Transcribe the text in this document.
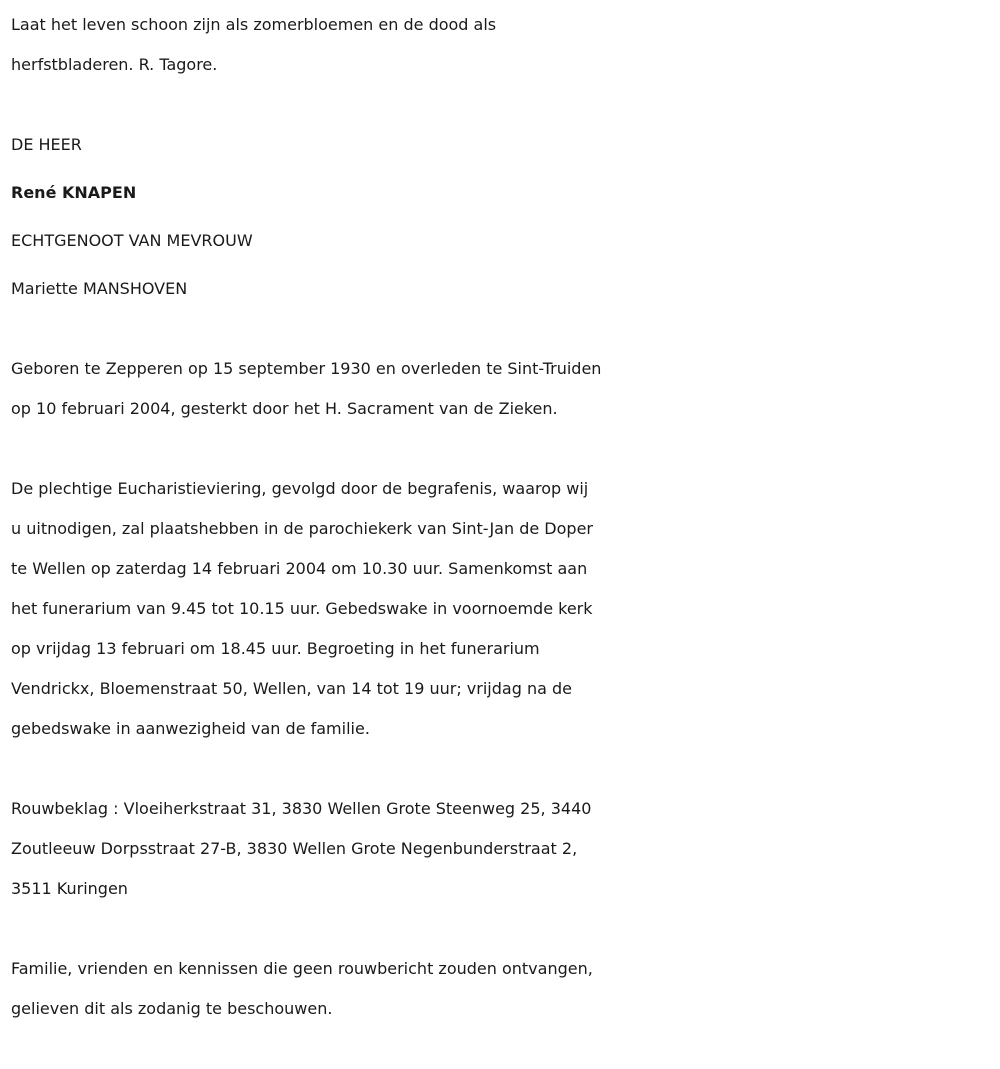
Laat het leven schoon zijn als zomerbloemen en de dood als
herfstbladeren. R. Tagore.
DE HEER
René KNAPEN
ECHTGENOOT VAN MEVROUW
Mariette MANSHOVEN
Geboren te Zepperen op 15 september 1930 en overleden te Sint-Truiden
op 10 februari 2004, gesterkt door het H. Sacrament van de Zieken.
De plechtige Eucharistieviering, gevolgd door de begrafenis, waarop wij
u uitnodigen, zal plaatshebben in de parochiekerk van Sint-Jan de Doper
te Wellen op zaterdag 14 februari 2004 om 10.30 uur. Samenkomst aan
het funerarium van 9.45 tot 10.15 uur. Gebedswake in voornoemde kerk
op vrijdag 13 februari om 18.45 uur. Begroeting in het funerarium
Vendrickx, Bloemenstraat 50, Wellen, van 14 tot 19 uur; vrijdag na de
gebedswake in aanwezigheid van de familie.
Rouwbeklag : Vloeiherkstraat 31, 3830 Wellen Grote Steenweg 25, 3440
Zoutleeuw Dorpsstraat 27-B, 3830 Wellen Grote Negenbunderstraat 2,
3511 Kuringen
Familie, vrienden en kennissen die geen rouwbericht zouden ontvangen,
gelieven dit als zodanig te beschouwen.
